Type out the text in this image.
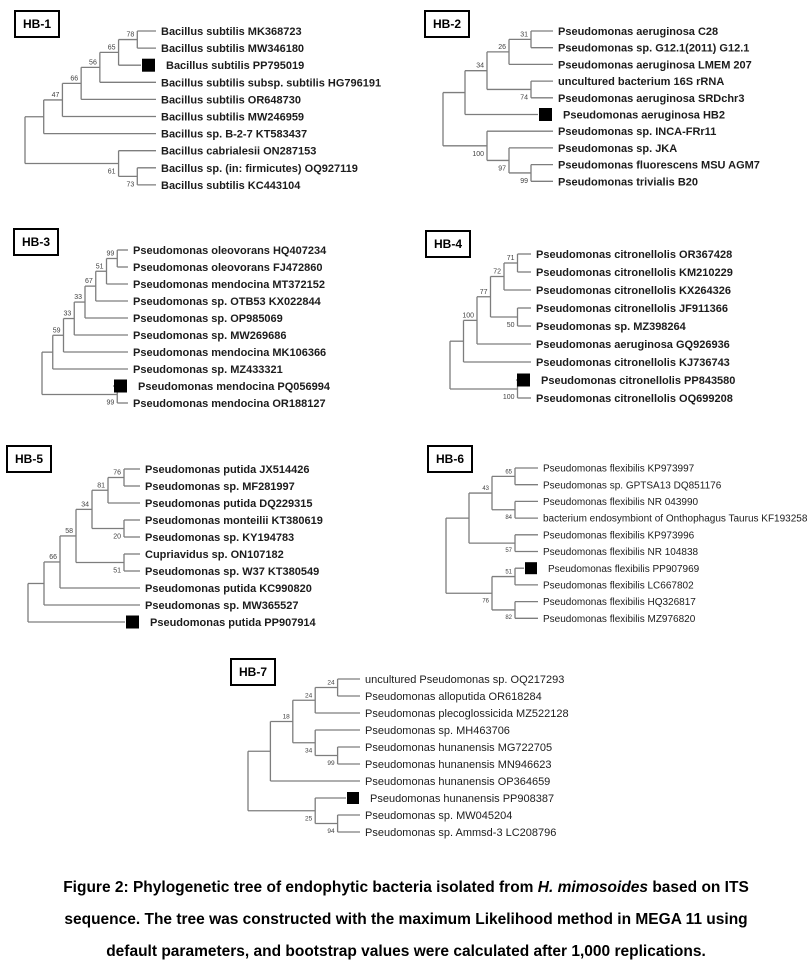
Bacillus subtilis MK368723
Bacillus subtilis MW346180
78
Bacillus subtilis PP795019
65
Bacillus subtilis subsp. subtilis HG796191
56
Bacillus subtilis OR648730
66
Bacillus subtilis MW246959
47
Bacillus sp. B-2-7 KT583437
Bacillus cabrialesii ON287153
Bacillus sp. (in: firmicutes) OQ927119
Bacillus subtilis KC443104
73
61
Pseudomonas aeruginosa C28
Pseudomonas sp. G12.1(2011) G12.1
31
Pseudomonas aeruginosa LMEM 207
26
uncultured bacterium 16S rRNA
Pseudomonas aeruginosa SRDchr3
74
34
Pseudomonas aeruginosa HB2
Pseudomonas sp. INCA-FRr11
Pseudomonas sp. JKA
Pseudomonas fluorescens MSU AGM7
Pseudomonas trivialis B20
99
97
100
Pseudomonas oleovorans HQ407234
Pseudomonas oleovorans FJ472860
99
Pseudomonas mendocina MT372152
51
Pseudomonas sp. OTB53 KX022844
67
Pseudomonas sp. OP985069
33
Pseudomonas sp. MW269686
33
Pseudomonas mendocina MK106366
59
Pseudomonas sp. MZ433321
Pseudomonas mendocina PQ056994
Pseudomonas mendocina OR188127
99
Pseudomonas citronellolis OR367428
Pseudomonas citronellolis KM210229
71
Pseudomonas citronellolis KX264326
72
Pseudomonas citronellolis JF911366
Pseudomonas sp. MZ398264
50
77
Pseudomonas aeruginosa GQ926936
100
Pseudomonas citronellolis KJ736743
Pseudomonas citronellolis PP843580
Pseudomonas citronellolis OQ699208
100
Pseudomonas putida JX514426
Pseudomonas sp. MF281997
76
Pseudomonas putida DQ229315
81
Pseudomonas monteilii KT380619
Pseudomonas sp. KY194783
20
34
Cupriavidus sp. ON107182
Pseudomonas sp. W37 KT380549
51
58
Pseudomonas putida KC990820
66
Pseudomonas sp. MW365527
Pseudomonas putida PP907914
Pseudomonas flexibilis KP973997
Pseudomonas sp. GPTSA13 DQ851176
65
Pseudomonas flexibilis NR 043990
bacterium endosymbiont of Onthophagus Taurus KF193258
84
43
Pseudomonas flexibilis KP973996
Pseudomonas flexibilis NR 104838
57
Pseudomonas flexibilis PP907969
Pseudomonas flexibilis LC667802
51
Pseudomonas flexibilis HQ326817
Pseudomonas flexibilis MZ976820
82
76
uncultured Pseudomonas sp. OQ217293
Pseudomonas alloputida OR618284
24
Pseudomonas plecoglossicida MZ522128
24
Pseudomonas sp. MH463706
Pseudomonas hunanensis MG722705
Pseudomonas hunanensis MN946623
99
34
18
Pseudomonas hunanensis OP364659
Pseudomonas hunanensis PP908387
Pseudomonas sp. MW045204
Pseudomonas sp. Ammsd-3 LC208796
94
25
HB-1	HB-2
HB-3	HB-4
HB-5	HB-6
HB-7
Figure 2: Phylogenetic tree of endophytic bacteria isolated from H. mimosoides based on ITS
sequence. The tree was constructed with the maximum Likelihood method in MEGA 11 using
default parameters, and bootstrap values were calculated after 1,000 replications.
